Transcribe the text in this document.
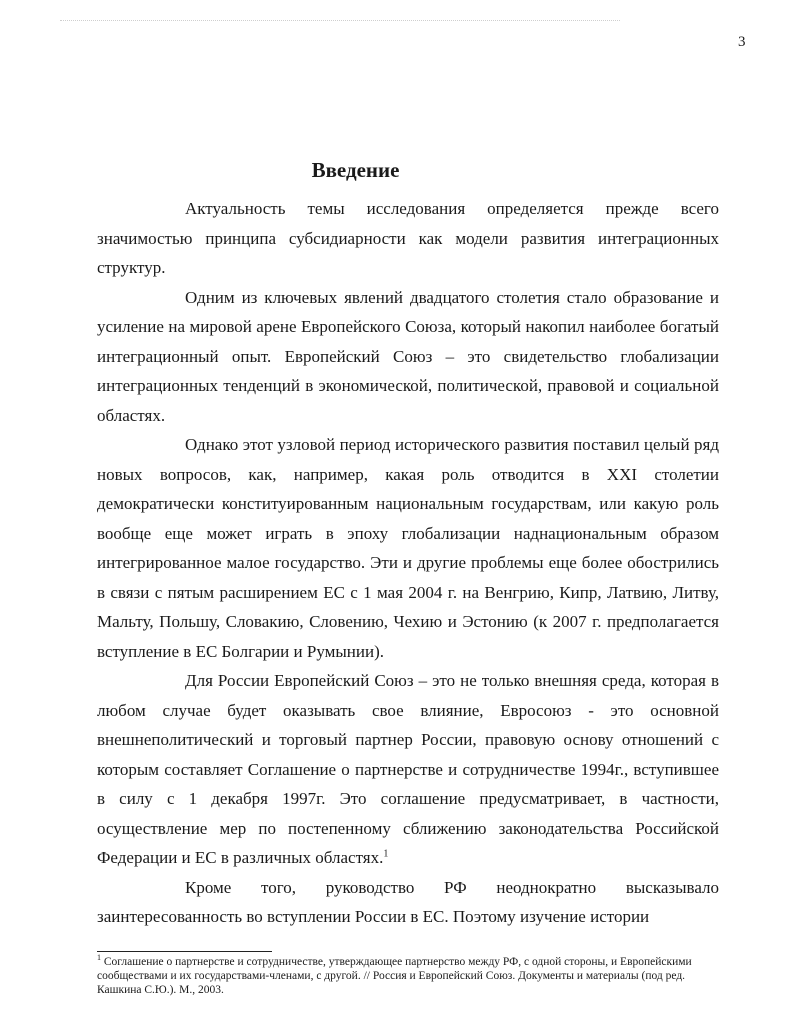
3
Введение

Актуальность темы исследования определяется прежде всего значимостью принципа субсидиарности как модели развития интеграционных структур.

Одним из ключевых явлений двадцатого столетия стало образование и усиление на мировой арене Европейского Союза, который накопил наиболее богатый интеграционный опыт. Европейский Союз – это свидетельство глобализации интеграционных тенденций в экономической, политической, правовой и социальной областях.

Однако этот узловой период исторического развития поставил целый ряд новых вопросов, как, например, какая роль отводится в XXI столетии демократически конституированным национальным государствам, или какую роль вообще еще может играть в эпоху глобализации наднациональным образом интегрированное малое государство. Эти и другие проблемы еще более обострились в связи с пятым расширением ЕС с 1 мая 2004 г. на Венгрию, Кипр, Латвию, Литву, Мальту, Польшу, Словакию, Словению, Чехию и Эстонию (к 2007 г. предполагается вступление в ЕС Болгарии и Румынии).

Для России Европейский Союз – это не только внешняя среда, которая в любом случае будет оказывать свое влияние, Евросоюз - это основной внешнеполитический и торговый партнер России, правовую основу отношений с которым составляет Соглашение о партнерстве и сотрудничестве 1994г., вступившее в силу с 1 декабря 1997г. Это соглашение предусматривает, в частности, осуществление мер по постепенному сближению законодательства Российской Федерации и ЕС в различных областях.$^1$

Кроме того, руководство РФ неоднократно высказывало заинтересованность во вступлении России в ЕС. Поэтому изучение истории

$^1$ Соглашение о партнерстве и сотрудничестве, утверждающее партнерство между РФ, с одной стороны, и Европейскими сообществами и их государствами-членами, с другой. // Россия и Европейский Союз. Документы и материалы (под ред. Кашкина С.Ю.). М., 2003.
